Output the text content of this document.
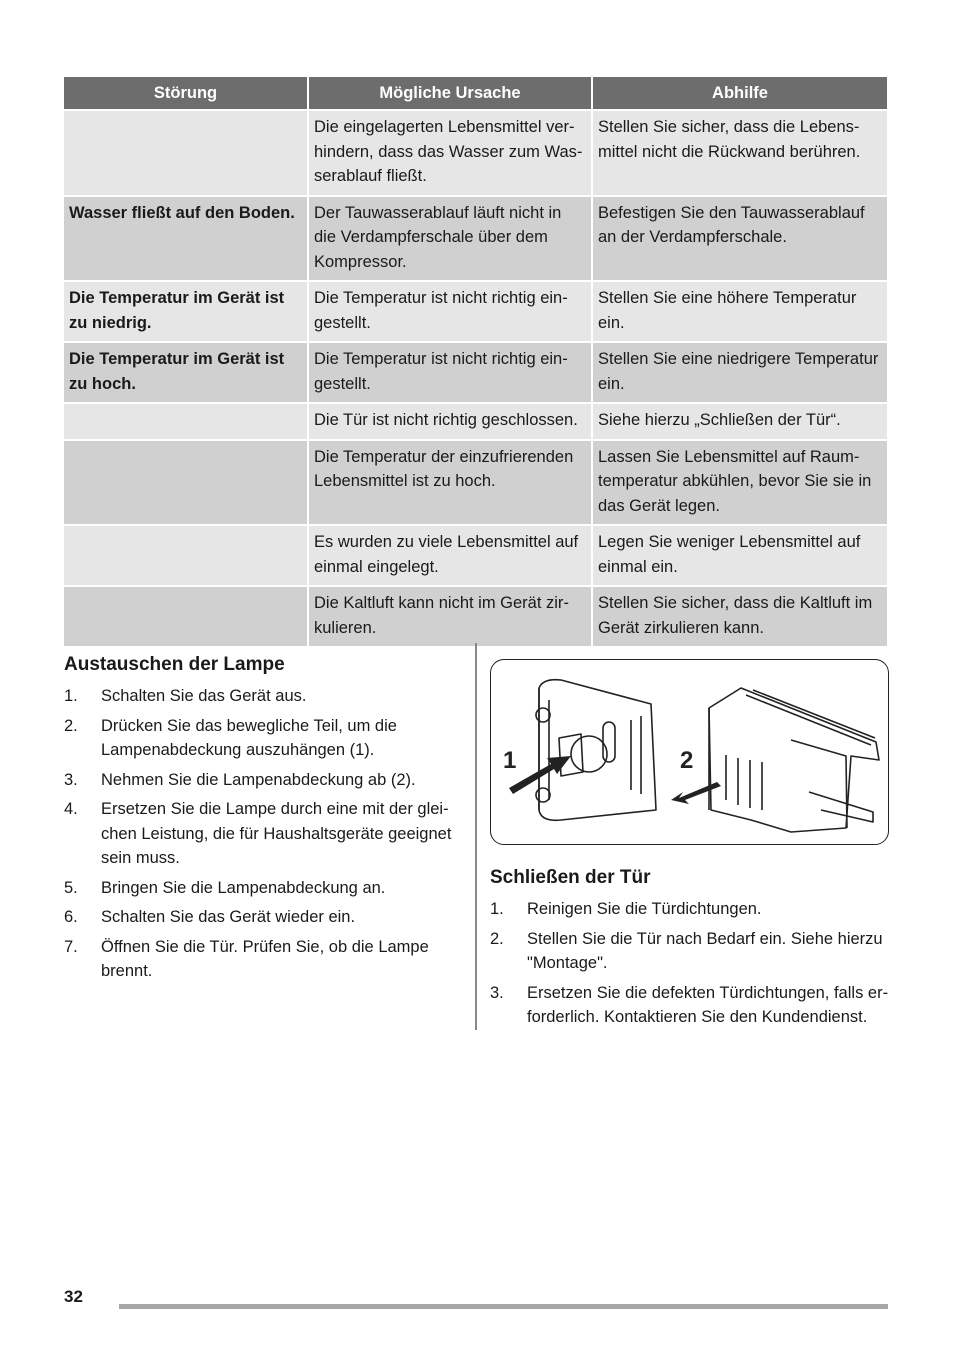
Störung	Mögliche Ursache	Abhilfe
	Die eingelagerten Lebensmittel verhindern, dass das Wasser zum Wasserablauf fließt.	Stellen Sie sicher, dass die Lebensmittel nicht die Rückwand berühren.
Wasser fließt auf den Boden.	Der Tauwasserablauf läuft nicht in die Verdampferschale über dem Kompressor.	Befestigen Sie den Tauwasserablauf an der Verdampferschale.
Die Temperatur im Gerät ist zu niedrig.	Die Temperatur ist nicht richtig eingestellt.	Stellen Sie eine höhere Temperatur ein.
Die Temperatur im Gerät ist zu hoch.	Die Temperatur ist nicht richtig eingestellt.	Stellen Sie eine niedrigere Temperatur ein.
	Die Tür ist nicht richtig geschlossen.	Siehe hierzu „Schließen der Tür“.
	Die Temperatur der einzufrierenden Lebensmittel ist zu hoch.	Lassen Sie Lebensmittel auf Raumtemperatur abkühlen, bevor Sie sie in das Gerät legen.
	Es wurden zu viele Lebensmittel auf einmal eingelegt.	Legen Sie weniger Lebensmittel auf einmal ein.
	Die Kaltluft kann nicht im Gerät zirkulieren.	Stellen Sie sicher, dass die Kaltluft im Gerät zirkulieren kann.
Austauschen der Lampe
1. Schalten Sie das Gerät aus.
2. Drücken Sie das bewegliche Teil, um die Lampenabdeckung auszuhängen (1).
3. Nehmen Sie die Lampenabdeckung ab (2).
4. Ersetzen Sie die Lampe durch eine mit der gleichen Leistung, die für Haushaltsgeräte geeignet sein muss.
5. Bringen Sie die Lampenabdeckung an.
6. Schalten Sie das Gerät wieder ein.
7. Öffnen Sie die Tür. Prüfen Sie, ob die Lampe brennt.
1	2
Schließen der Tür
1. Reinigen Sie die Türdichtungen.
2. Stellen Sie die Tür nach Bedarf ein. Siehe hierzu "Montage".
3. Ersetzen Sie die defekten Türdichtungen, falls erforderlich. Kontaktieren Sie den Kundendienst.
32
